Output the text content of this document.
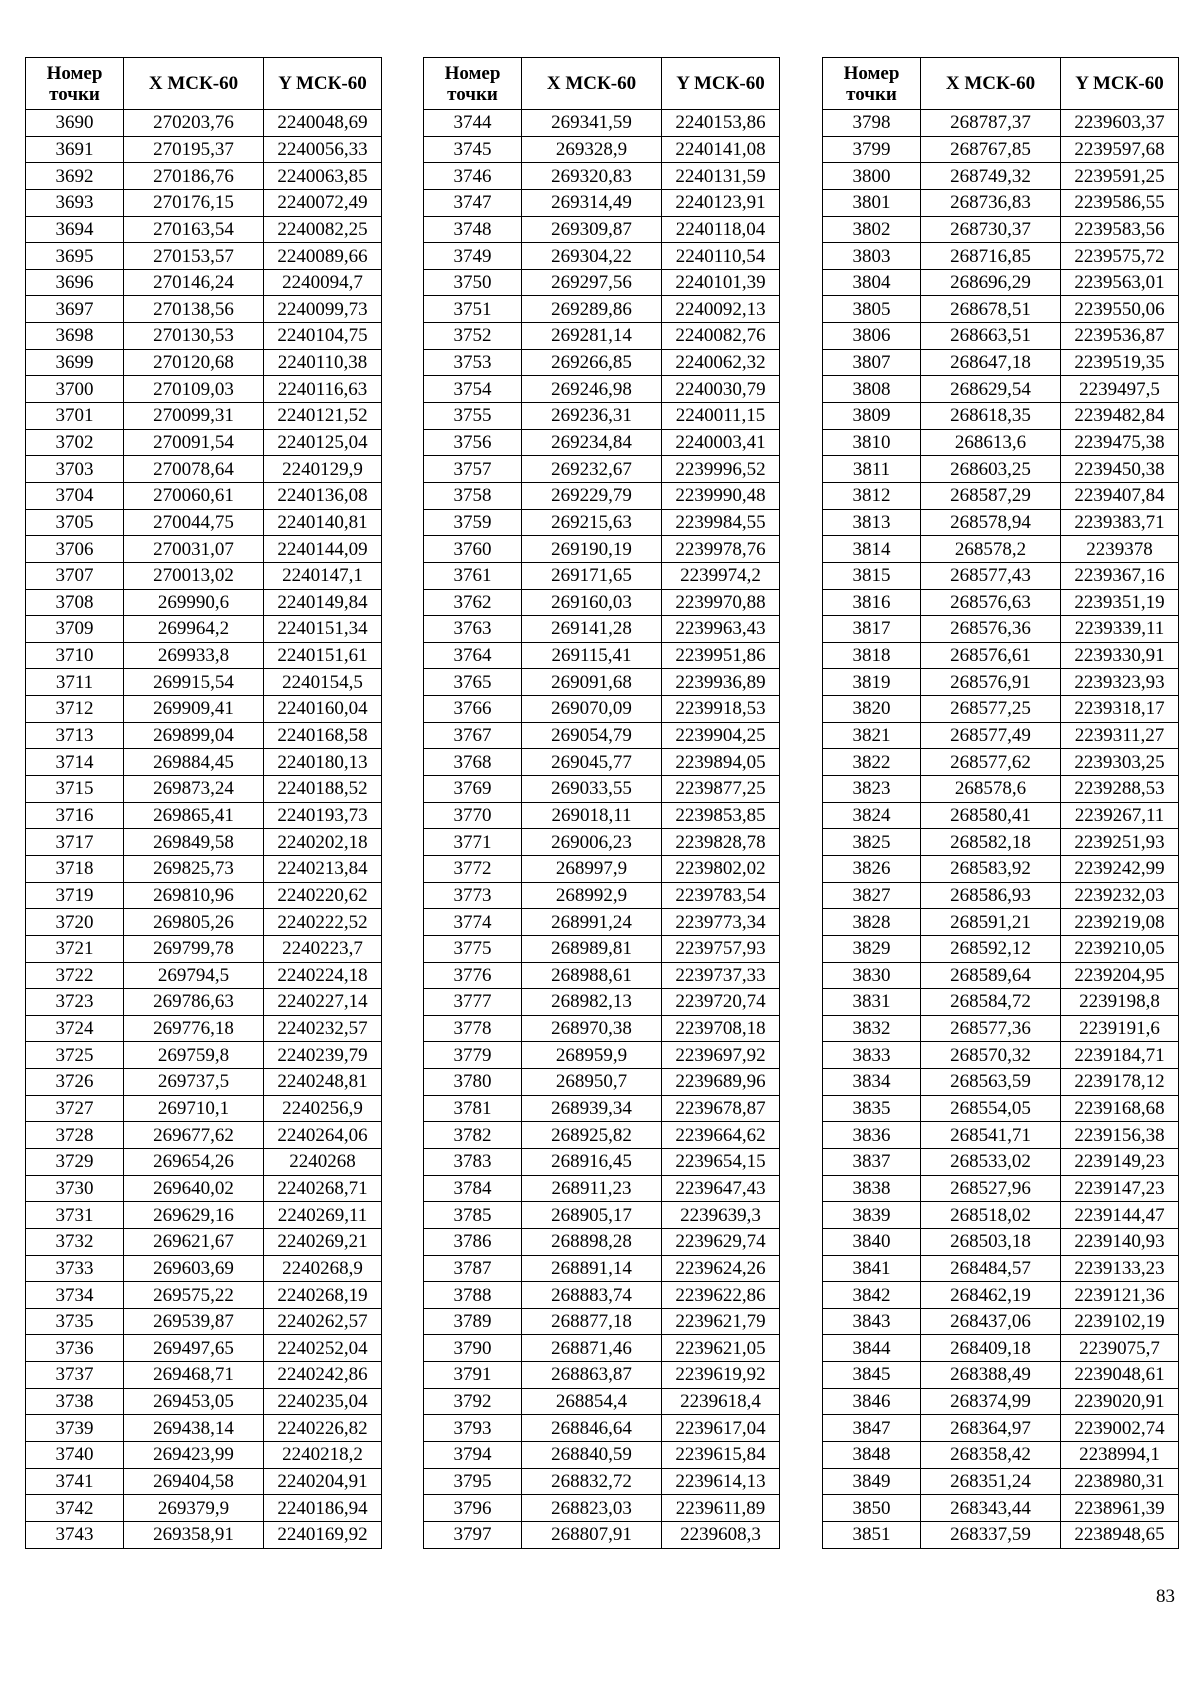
Номер
точки	X МСК-60	Y МСК-60
3690	270203,76	2240048,69
3691	270195,37	2240056,33
3692	270186,76	2240063,85
3693	270176,15	2240072,49
3694	270163,54	2240082,25
3695	270153,57	2240089,66
3696	270146,24	2240094,7
3697	270138,56	2240099,73
3698	270130,53	2240104,75
3699	270120,68	2240110,38
3700	270109,03	2240116,63
3701	270099,31	2240121,52
3702	270091,54	2240125,04
3703	270078,64	2240129,9
3704	270060,61	2240136,08
3705	270044,75	2240140,81
3706	270031,07	2240144,09
3707	270013,02	2240147,1
3708	269990,6	2240149,84
3709	269964,2	2240151,34
3710	269933,8	2240151,61
3711	269915,54	2240154,5
3712	269909,41	2240160,04
3713	269899,04	2240168,58
3714	269884,45	2240180,13
3715	269873,24	2240188,52
3716	269865,41	2240193,73
3717	269849,58	2240202,18
3718	269825,73	2240213,84
3719	269810,96	2240220,62
3720	269805,26	2240222,52
3721	269799,78	2240223,7
3722	269794,5	2240224,18
3723	269786,63	2240227,14
3724	269776,18	2240232,57
3725	269759,8	2240239,79
3726	269737,5	2240248,81
3727	269710,1	2240256,9
3728	269677,62	2240264,06
3729	269654,26	2240268
3730	269640,02	2240268,71
3731	269629,16	2240269,11
3732	269621,67	2240269,21
3733	269603,69	2240268,9
3734	269575,22	2240268,19
3735	269539,87	2240262,57
3736	269497,65	2240252,04
3737	269468,71	2240242,86
3738	269453,05	2240235,04
3739	269438,14	2240226,82
3740	269423,99	2240218,2
3741	269404,58	2240204,91
3742	269379,9	2240186,94
3743	269358,91	2240169,92
Номер
точки	X МСК-60	Y МСК-60
3744	269341,59	2240153,86
3745	269328,9	2240141,08
3746	269320,83	2240131,59
3747	269314,49	2240123,91
3748	269309,87	2240118,04
3749	269304,22	2240110,54
3750	269297,56	2240101,39
3751	269289,86	2240092,13
3752	269281,14	2240082,76
3753	269266,85	2240062,32
3754	269246,98	2240030,79
3755	269236,31	2240011,15
3756	269234,84	2240003,41
3757	269232,67	2239996,52
3758	269229,79	2239990,48
3759	269215,63	2239984,55
3760	269190,19	2239978,76
3761	269171,65	2239974,2
3762	269160,03	2239970,88
3763	269141,28	2239963,43
3764	269115,41	2239951,86
3765	269091,68	2239936,89
3766	269070,09	2239918,53
3767	269054,79	2239904,25
3768	269045,77	2239894,05
3769	269033,55	2239877,25
3770	269018,11	2239853,85
3771	269006,23	2239828,78
3772	268997,9	2239802,02
3773	268992,9	2239783,54
3774	268991,24	2239773,34
3775	268989,81	2239757,93
3776	268988,61	2239737,33
3777	268982,13	2239720,74
3778	268970,38	2239708,18
3779	268959,9	2239697,92
3780	268950,7	2239689,96
3781	268939,34	2239678,87
3782	268925,82	2239664,62
3783	268916,45	2239654,15
3784	268911,23	2239647,43
3785	268905,17	2239639,3
3786	268898,28	2239629,74
3787	268891,14	2239624,26
3788	268883,74	2239622,86
3789	268877,18	2239621,79
3790	268871,46	2239621,05
3791	268863,87	2239619,92
3792	268854,4	2239618,4
3793	268846,64	2239617,04
3794	268840,59	2239615,84
3795	268832,72	2239614,13
3796	268823,03	2239611,89
3797	268807,91	2239608,3
Номер
точки	X МСК-60	Y МСК-60
3798	268787,37	2239603,37
3799	268767,85	2239597,68
3800	268749,32	2239591,25
3801	268736,83	2239586,55
3802	268730,37	2239583,56
3803	268716,85	2239575,72
3804	268696,29	2239563,01
3805	268678,51	2239550,06
3806	268663,51	2239536,87
3807	268647,18	2239519,35
3808	268629,54	2239497,5
3809	268618,35	2239482,84
3810	268613,6	2239475,38
3811	268603,25	2239450,38
3812	268587,29	2239407,84
3813	268578,94	2239383,71
3814	268578,2	2239378
3815	268577,43	2239367,16
3816	268576,63	2239351,19
3817	268576,36	2239339,11
3818	268576,61	2239330,91
3819	268576,91	2239323,93
3820	268577,25	2239318,17
3821	268577,49	2239311,27
3822	268577,62	2239303,25
3823	268578,6	2239288,53
3824	268580,41	2239267,11
3825	268582,18	2239251,93
3826	268583,92	2239242,99
3827	268586,93	2239232,03
3828	268591,21	2239219,08
3829	268592,12	2239210,05
3830	268589,64	2239204,95
3831	268584,72	2239198,8
3832	268577,36	2239191,6
3833	268570,32	2239184,71
3834	268563,59	2239178,12
3835	268554,05	2239168,68
3836	268541,71	2239156,38
3837	268533,02	2239149,23
3838	268527,96	2239147,23
3839	268518,02	2239144,47
3840	268503,18	2239140,93
3841	268484,57	2239133,23
3842	268462,19	2239121,36
3843	268437,06	2239102,19
3844	268409,18	2239075,7
3845	268388,49	2239048,61
3846	268374,99	2239020,91
3847	268364,97	2239002,74
3848	268358,42	2238994,1
3849	268351,24	2238980,31
3850	268343,44	2238961,39
3851	268337,59	2238948,65
83
